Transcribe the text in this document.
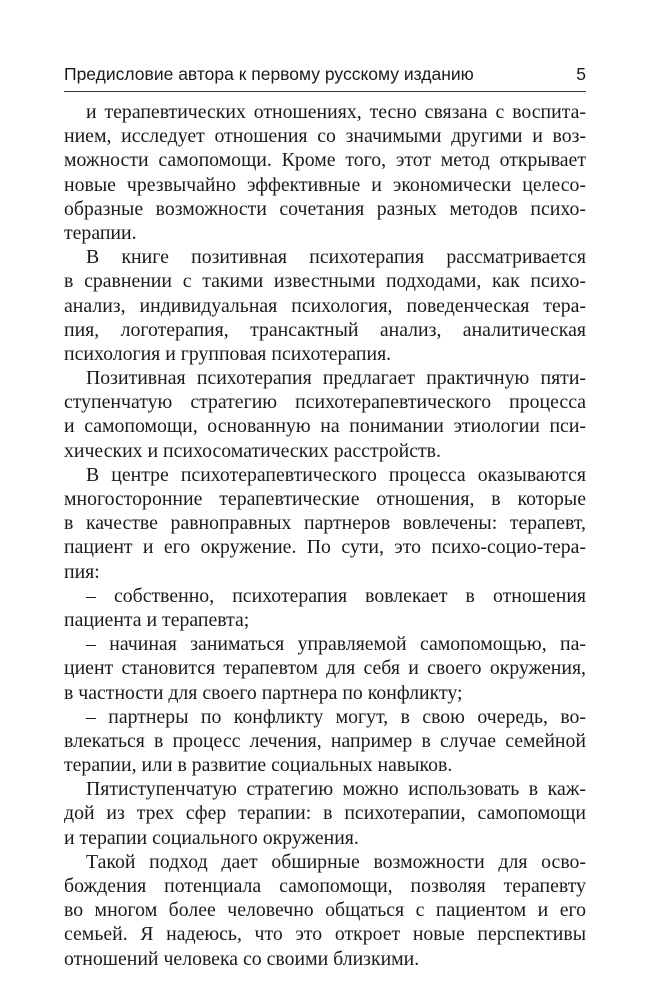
Предисловие автора к первому русскому изданию	5
и терапевтических отношениях, тесно связана с воспита-
нием, исследует отношения со значимыми другими и воз-
можности самопомощи. Кроме того, этот метод открывает
новые чрезвычайно эффективные и экономически целесо-
образные возможности сочетания разных методов психо-
терапии.
В книге позитивная психотерапия рассматривается
в сравнении с такими известными подходами, как психо-
анализ, индивидуальная психология, поведенческая тера-
пия, логотерапия, трансактный анализ, аналитическая
психология и групповая психотерапия.
Позитивная психотерапия предлагает практичную пяти-
ступенчатую стратегию психотерапевтического процесса
и самопомощи, основанную на понимании этиологии пси-
хических и психосоматических расстройств.
В центре психотерапевтического процесса оказываются
многосторонние терапевтические отношения, в которые
в качестве равноправных партнеров вовлечены: терапевт,
пациент и его окружение. По сути, это психо-социо-тера-
пия:
– собственно, психотерапия вовлекает в отношения
пациента и терапевта;
– начиная заниматься управляемой самопомощью, па-
циент становится терапевтом для себя и своего окружения,
в частности для своего партнера по конфликту;
– партнеры по конфликту могут, в свою очередь, во-
влекаться в процесс лечения, например в случае семейной
терапии, или в развитие социальных навыков.
Пятиступенчатую стратегию можно использовать в каж-
дой из трех сфер терапии: в психотерапии, самопомощи
и терапии социального окружения.
Такой подход дает обширные возможности для осво-
бождения потенциала самопомощи, позволяя терапевту
во многом более человечно общаться с пациентом и его
семьей. Я надеюсь, что это откроет новые перспективы
отношений человека со своими близкими.
